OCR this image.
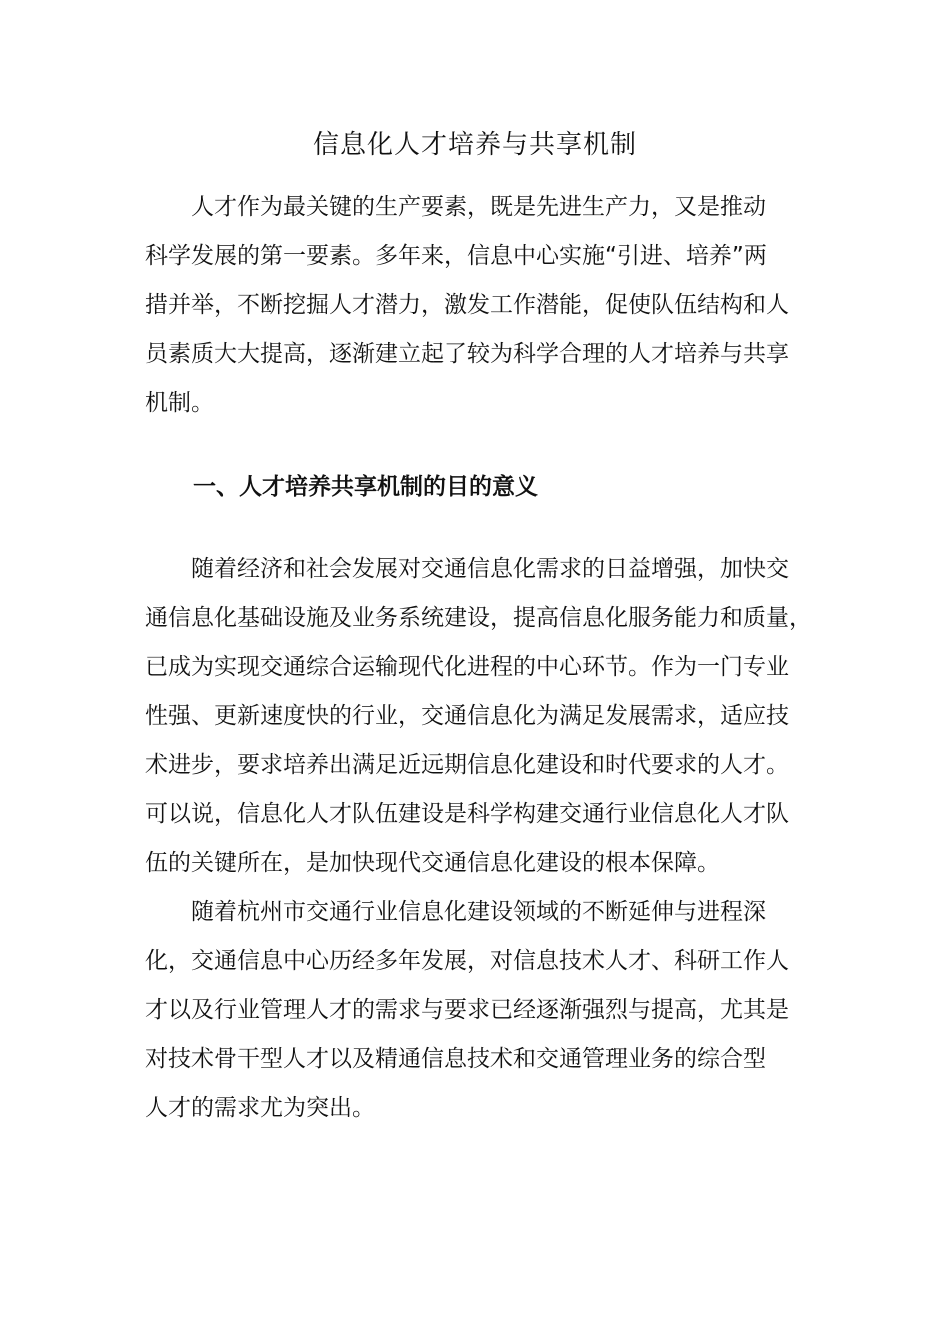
信息化人才培养与共享机制

　　人才作为最关键的生产要素，既是先进生产力，又是推动
科学发展的第一要素。多年来，信息中心实施“引进、培养”两
措并举，不断挖掘人才潜力，激发工作潜能，促使队伍结构和人
员素质大大提高，逐渐建立起了较为科学合理的人才培养与共享
机制。

一、人才培养共享机制的目的意义

　　随着经济和社会发展对交通信息化需求的日益增强，加快交
通信息化基础设施及业务系统建设，提高信息化服务能力和质量，
已成为实现交通综合运输现代化进程的中心环节。作为一门专业
性强、更新速度快的行业，交通信息化为满足发展需求，适应技
术进步，要求培养出满足近远期信息化建设和时代要求的人才。
可以说，信息化人才队伍建设是科学构建交通行业信息化人才队
伍的关键所在，是加快现代交通信息化建设的根本保障。

　　随着杭州市交通行业信息化建设领域的不断延伸与进程深
化，交通信息中心历经多年发展，对信息技术人才、科研工作人
才以及行业管理人才的需求与要求已经逐渐强烈与提高，尤其是
对技术骨干型人才以及精通信息技术和交通管理业务的综合型
人才的需求尤为突出。
